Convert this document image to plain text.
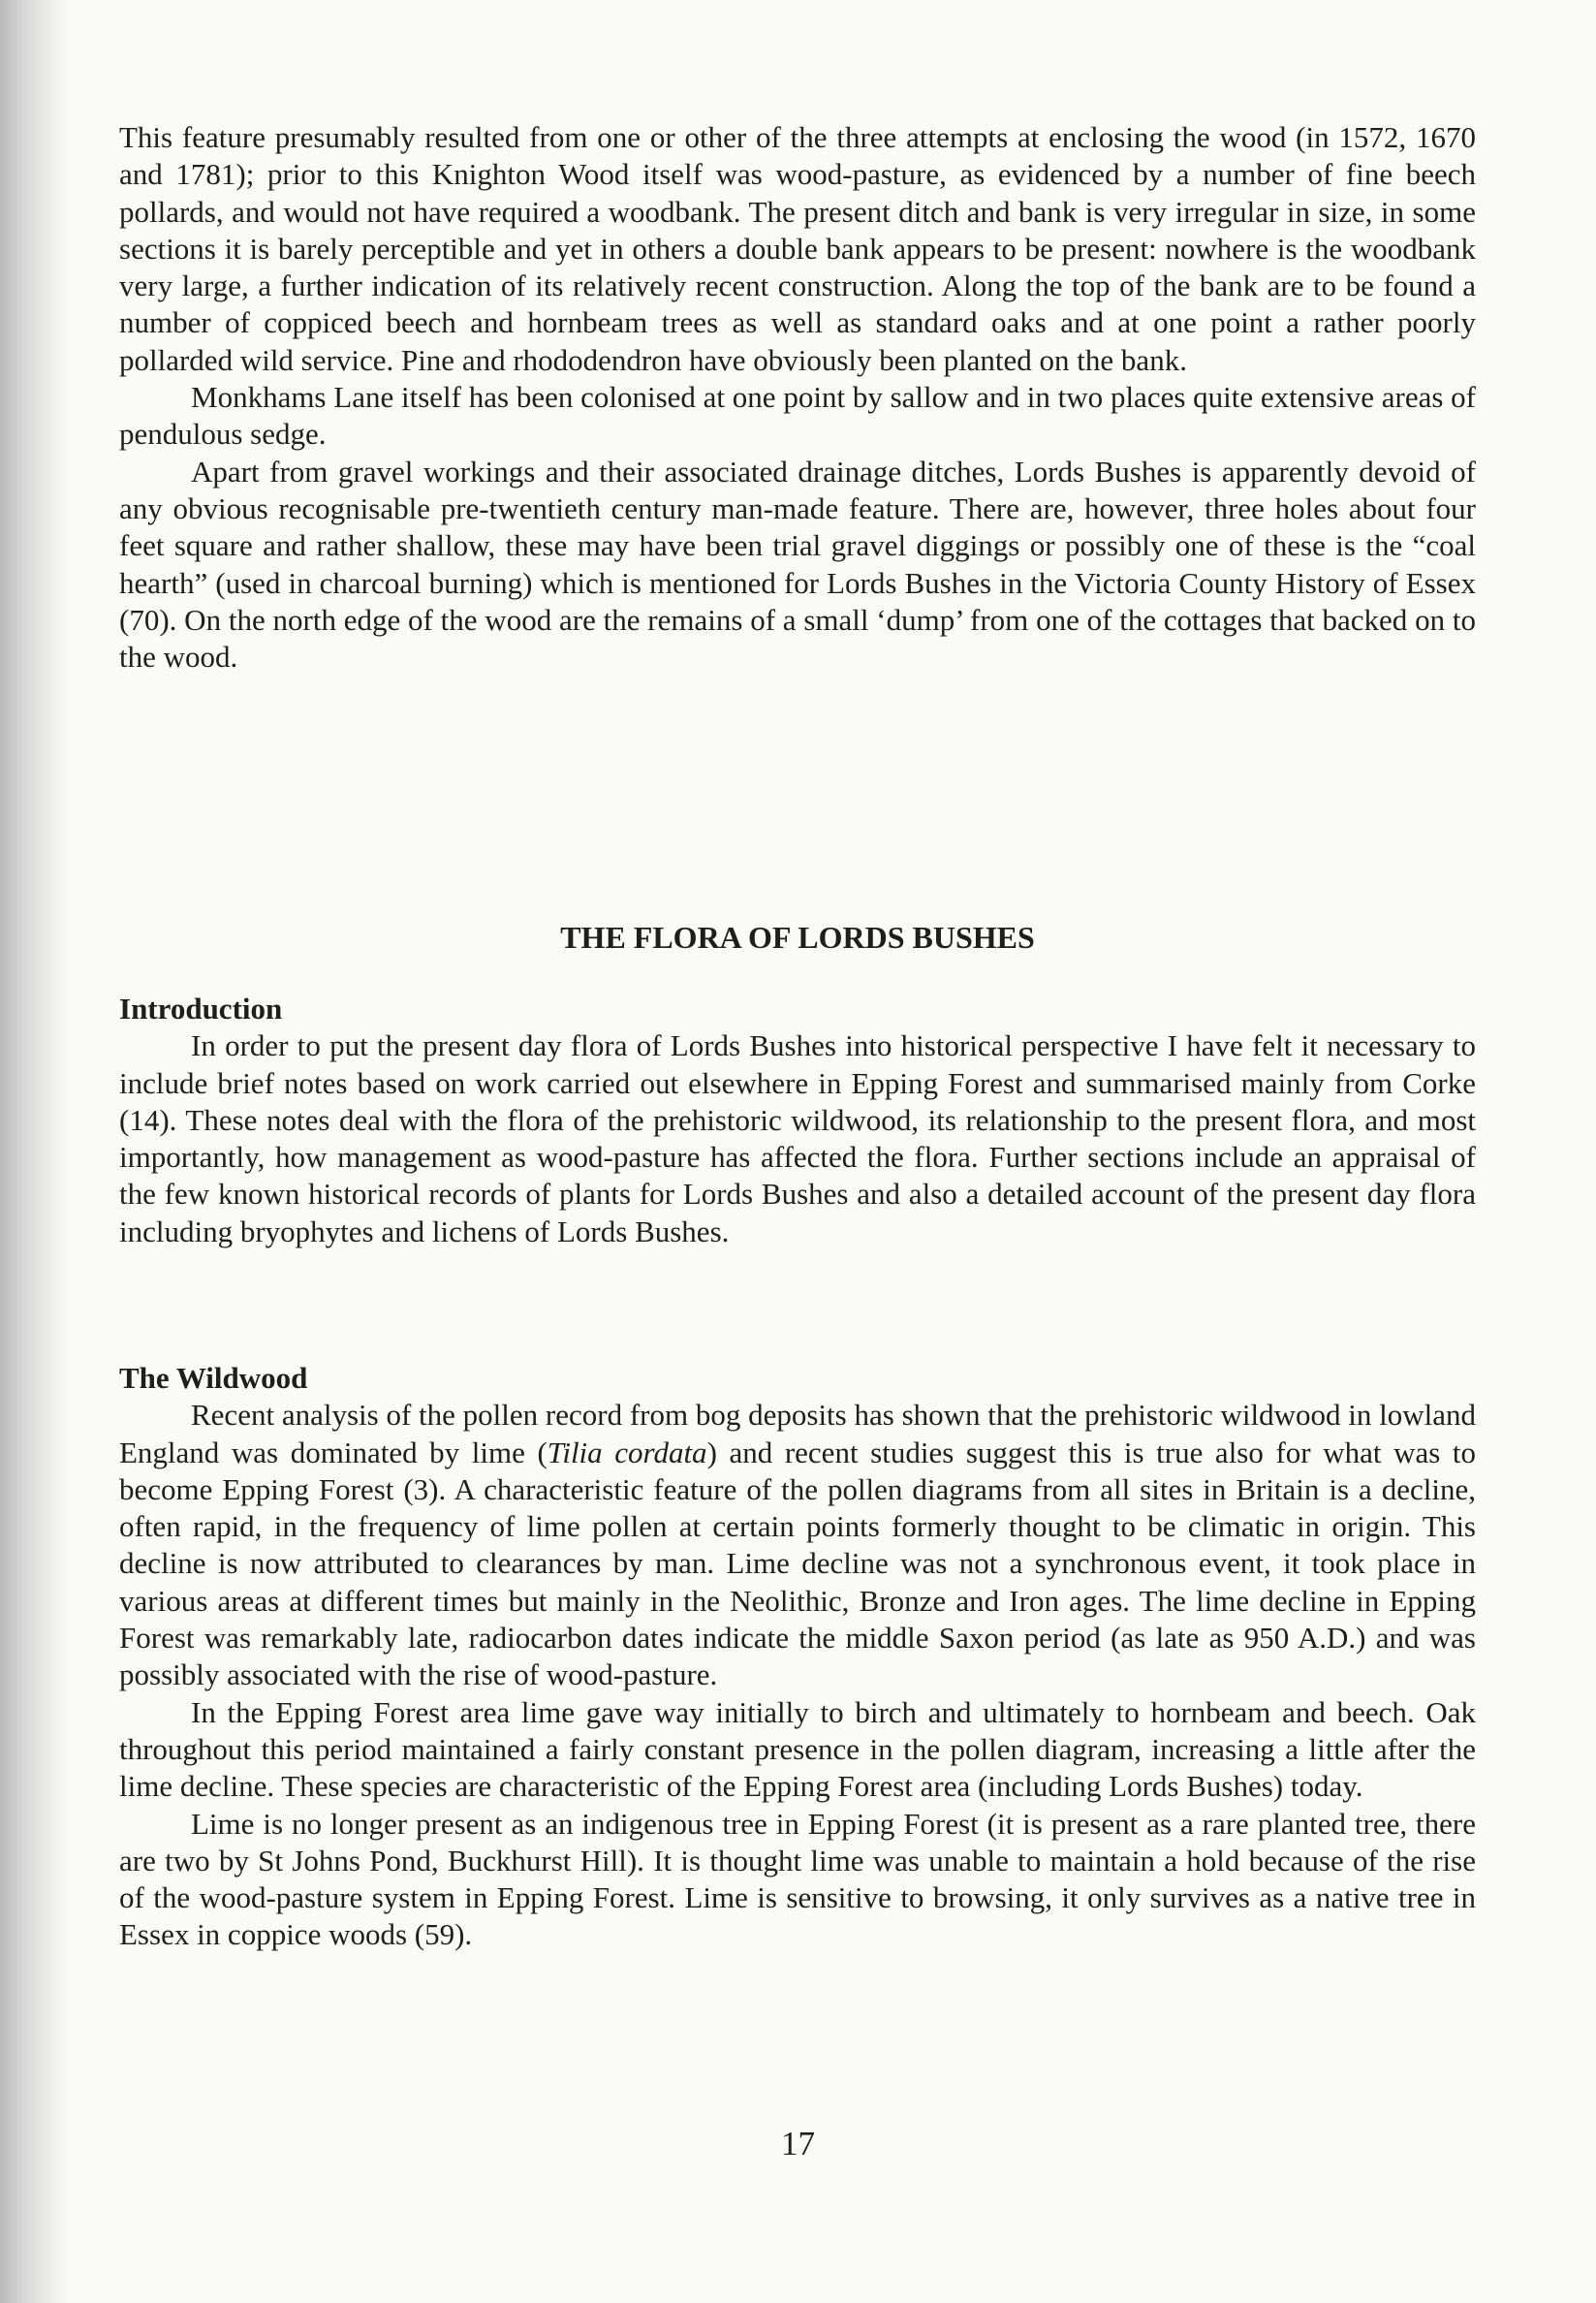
This feature presumably resulted from one or other of the three attempts at enclosing the wood (in 1572, 1670 and 1781); prior to this Knighton Wood itself was wood-pasture, as evidenced by a number of fine beech pollards, and would not have required a woodbank. The present ditch and bank is very irregular in size, in some sections it is barely perceptible and yet in others a double bank appears to be present: nowhere is the woodbank very large, a further indication of its relatively recent construction. Along the top of the bank are to be found a number of coppiced beech and hornbeam trees as well as standard oaks and at one point a rather poorly pollarded wild service. Pine and rhododendron have obviously been planted on the bank.

Monkhams Lane itself has been colonised at one point by sallow and in two places quite extensive areas of pendulous sedge.

Apart from gravel workings and their associated drainage ditches, Lords Bushes is apparently devoid of any obvious recognisable pre-twentieth century man-made feature. There are, however, three holes about four feet square and rather shallow, these may have been trial gravel diggings or possibly one of these is the “coal hearth” (used in charcoal burning) which is mentioned for Lords Bushes in the Victoria County History of Essex (70). On the north edge of the wood are the remains of a small ‘dump’ from one of the cottages that backed on to the wood.

THE FLORA OF LORDS BUSHES

Introduction

In order to put the present day flora of Lords Bushes into historical perspective I have felt it necessary to include brief notes based on work carried out elsewhere in Epping Forest and summarised mainly from Corke (14). These notes deal with the flora of the prehistoric wildwood, its relationship to the present flora, and most importantly, how management as wood-pasture has affected the flora. Further sections include an appraisal of the few known historical records of plants for Lords Bushes and also a detailed account of the present day flora including bryophytes and lichens of Lords Bushes.

The Wildwood

Recent analysis of the pollen record from bog deposits has shown that the prehistoric wildwood in lowland England was dominated by lime (Tilia cordata) and recent studies suggest this is true also for what was to become Epping Forest (3). A characteristic feature of the pollen diagrams from all sites in Britain is a decline, often rapid, in the frequency of lime pollen at certain points formerly thought to be climatic in origin. This decline is now attributed to clearances by man. Lime decline was not a synchronous event, it took place in various areas at different times but mainly in the Neolithic, Bronze and Iron ages. The lime decline in Epping Forest was remarkably late, radiocarbon dates indicate the middle Saxon period (as late as 950 A.D.) and was possibly associated with the rise of wood-pasture.

In the Epping Forest area lime gave way initially to birch and ultimately to hornbeam and beech. Oak throughout this period maintained a fairly constant presence in the pollen diagram, increasing a little after the lime decline. These species are characteristic of the Epping Forest area (including Lords Bushes) today.

Lime is no longer present as an indigenous tree in Epping Forest (it is present as a rare planted tree, there are two by St Johns Pond, Buckhurst Hill). It is thought lime was unable to maintain a hold because of the rise of the wood-pasture system in Epping Forest. Lime is sensitive to browsing, it only survives as a native tree in Essex in coppice woods (59).

17
